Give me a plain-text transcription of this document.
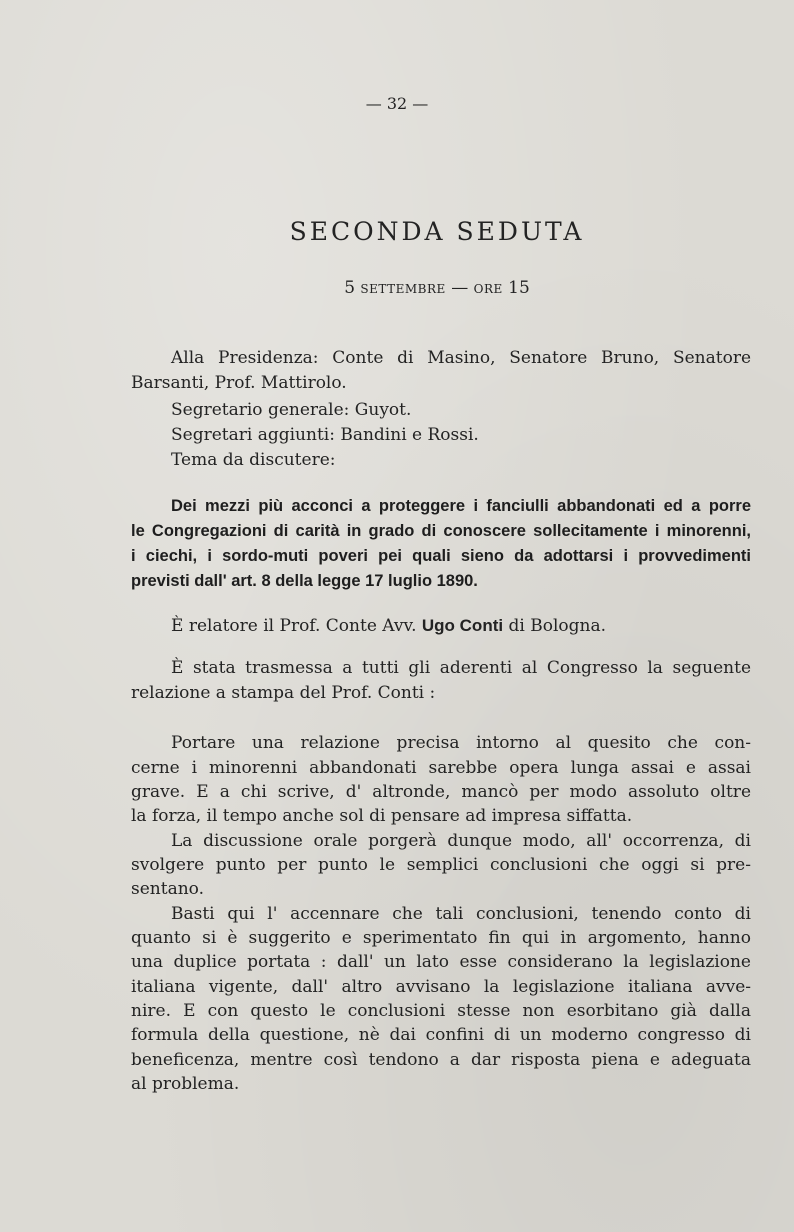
— 32 —
SECONDA SEDUTA
5 SETTEMBRE — ORE 15
Alla Presidenza: Conte di Masino, Senatore Bruno, Senatore
Barsanti, Prof. Mattirolo.
Segretario generale: Guyot.
Segretari aggiunti: Bandini e Rossi.
Tema da discutere:
Dei mezzi più acconci a proteggere i fanciulli abbandonati ed a porre
le Congregazioni di carità in grado di conoscere sollecitamente i minorenni,
i ciechi, i sordo-muti poveri pei quali sieno da adottarsi i provvedimenti
previsti dall' art. 8 della legge 17 luglio 1890.
È relatore il Prof. Conte Avv. Ugo Conti di Bologna.
È stata trasmessa a tutti gli aderenti al Congresso la seguente
relazione a stampa del Prof. Conti :
Portare una relazione precisa intorno al quesito che con-
cerne i minorenni abbandonati sarebbe opera lunga assai e assai
grave. E a chi scrive, d' altronde, mancò per modo assoluto oltre
la forza, il tempo anche sol di pensare ad impresa siffatta.
La discussione orale porgerà dunque modo, all' occorrenza, di
svolgere punto per punto le semplici conclusioni che oggi si pre-
sentano.
Basti qui l' accennare che tali conclusioni, tenendo conto di
quanto si è suggerito e sperimentato fin qui in argomento, hanno
una duplice portata : dall' un lato esse considerano la legislazione
italiana vigente, dall' altro avvisano la legislazione italiana avve-
nire. E con questo le conclusioni stesse non esorbitano già dalla
formula della questione, nè dai confini di un moderno congresso di
beneficenza, mentre così tendono a dar risposta piena e adeguata
al problema.
